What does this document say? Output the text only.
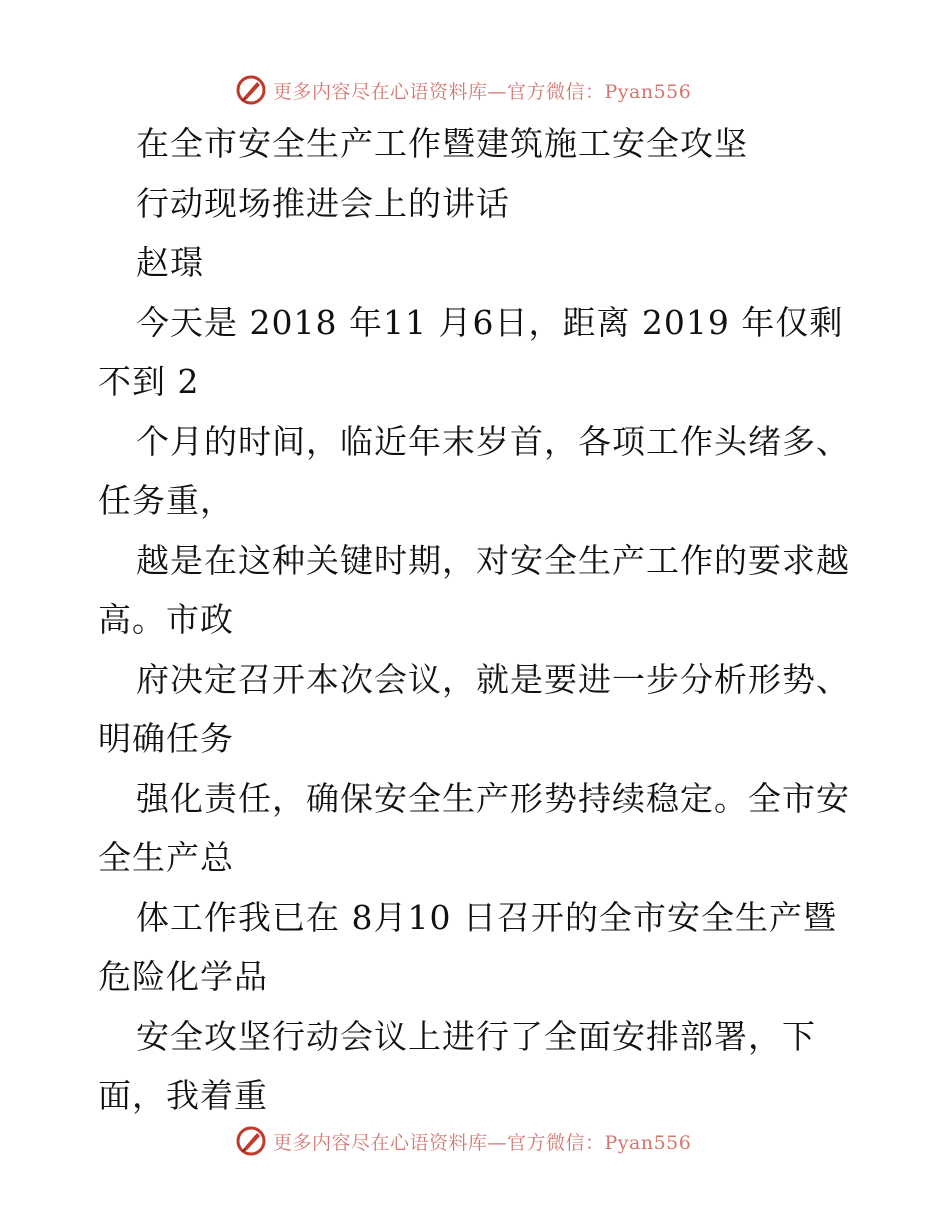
更多内容尽在心语资料库—官方微信：Pyan556
在全市安全生产工作暨建筑施工安全攻坚
行动现场推进会上的讲话
赵璟
今天是 2018 年11 月6日，距离 2019 年仅剩
不到 2
个月的时间，临近年末岁首，各项工作头绪多、
任务重，
越是在这种关键时期，对安全生产工作的要求越
高。市政
府决定召开本次会议，就是要进一步分析形势、
明确任务
强化责任，确保安全生产形势持续稳定。全市安
全生产总
体工作我已在 8月10 日召开的全市安全生产暨
危险化学品
安全攻坚行动会议上进行了全面安排部署，下
面，我着重
更多内容尽在心语资料库—官方微信：Pyan556
